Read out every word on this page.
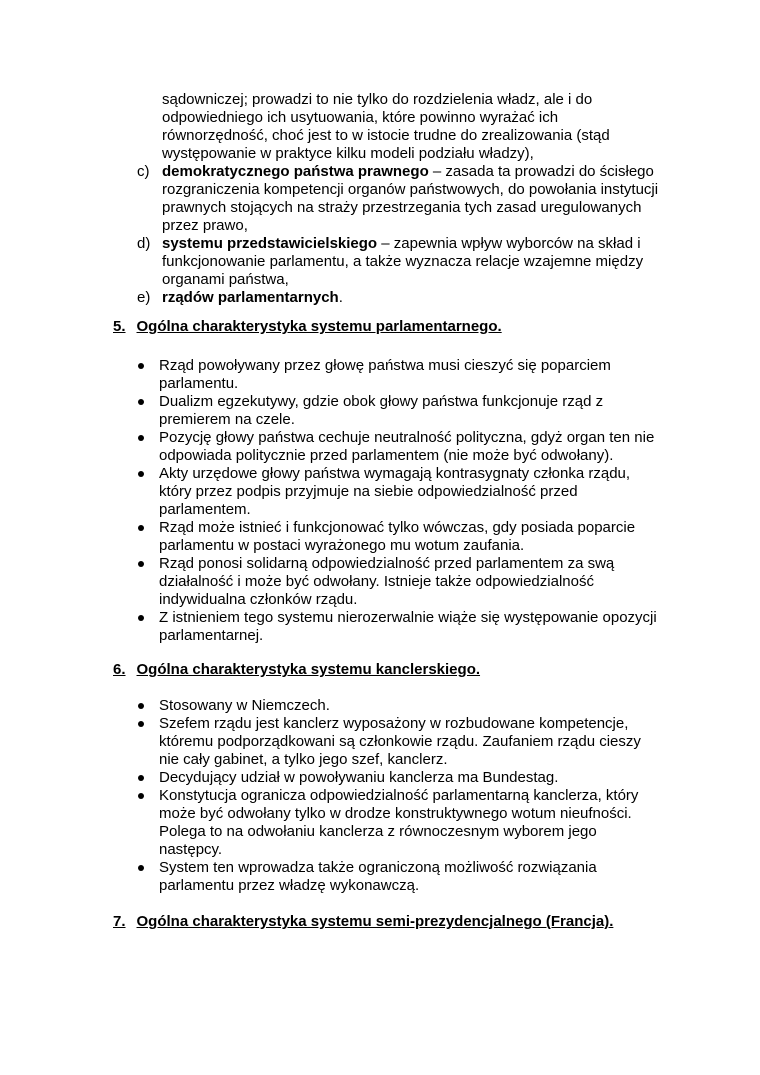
sądowniczej; prowadzi to nie tylko do rozdzielenia władz, ale i do
odpowiedniego ich usytuowania, które powinno wyrażać ich
równorzędność, choć jest to w istocie trudne do zrealizowania (stąd
występowanie w praktyce kilku modeli podziału władzy),
c) demokratycznego państwa prawnego – zasada ta prowadzi do ścisłego
rozgraniczenia kompetencji organów państwowych, do powołania instytucji
prawnych stojących na straży przestrzegania tych zasad uregulowanych
przez prawo,
d) systemu przedstawicielskiego – zapewnia wpływ wyborców na skład i
funkcjonowanie parlamentu, a także wyznacza relacje wzajemne między
organami państwa,
e) rządów parlamentarnych.
5. Ogólna charakterystyka systemu parlamentarnego.
Rząd powoływany przez głowę państwa musi cieszyć się poparciem
parlamentu.
Dualizm egzekutywy, gdzie obok głowy państwa funkcjonuje rząd z
premierem na czele.
Pozycję głowy państwa cechuje neutralność polityczna, gdyż organ ten nie
odpowiada politycznie przed parlamentem (nie może być odwołany).
Akty urzędowe głowy państwa wymagają kontrasygnaty członka rządu,
który przez podpis przyjmuje na siebie odpowiedzialność przed
parlamentem.
Rząd może istnieć i funkcjonować tylko wówczas, gdy posiada poparcie
parlamentu w postaci wyrażonego mu wotum zaufania.
Rząd ponosi solidarną odpowiedzialność przed parlamentem za swą
działalność i może być odwołany. Istnieje także odpowiedzialność
indywidualna członków rządu.
Z istnieniem tego systemu nierozerwalnie wiąże się występowanie opozycji
parlamentarnej.
6. Ogólna charakterystyka systemu kanclerskiego.
Stosowany w Niemczech.
Szefem rządu jest kanclerz wyposażony w rozbudowane kompetencje,
któremu podporządkowani są członkowie rządu. Zaufaniem rządu cieszy
nie cały gabinet, a tylko jego szef, kanclerz.
Decydujący udział w powoływaniu kanclerza ma Bundestag.
Konstytucja ogranicza odpowiedzialność parlamentarną kanclerza, który
może być odwołany tylko w drodze konstruktywnego wotum nieufności.
Polega to na odwołaniu kanclerza z równoczesnym wyborem jego
następcy.
System ten wprowadza także ograniczoną możliwość rozwiązania
parlamentu przez władzę wykonawczą.
7. Ogólna charakterystyka systemu semi-prezydencjalnego (Francja).
